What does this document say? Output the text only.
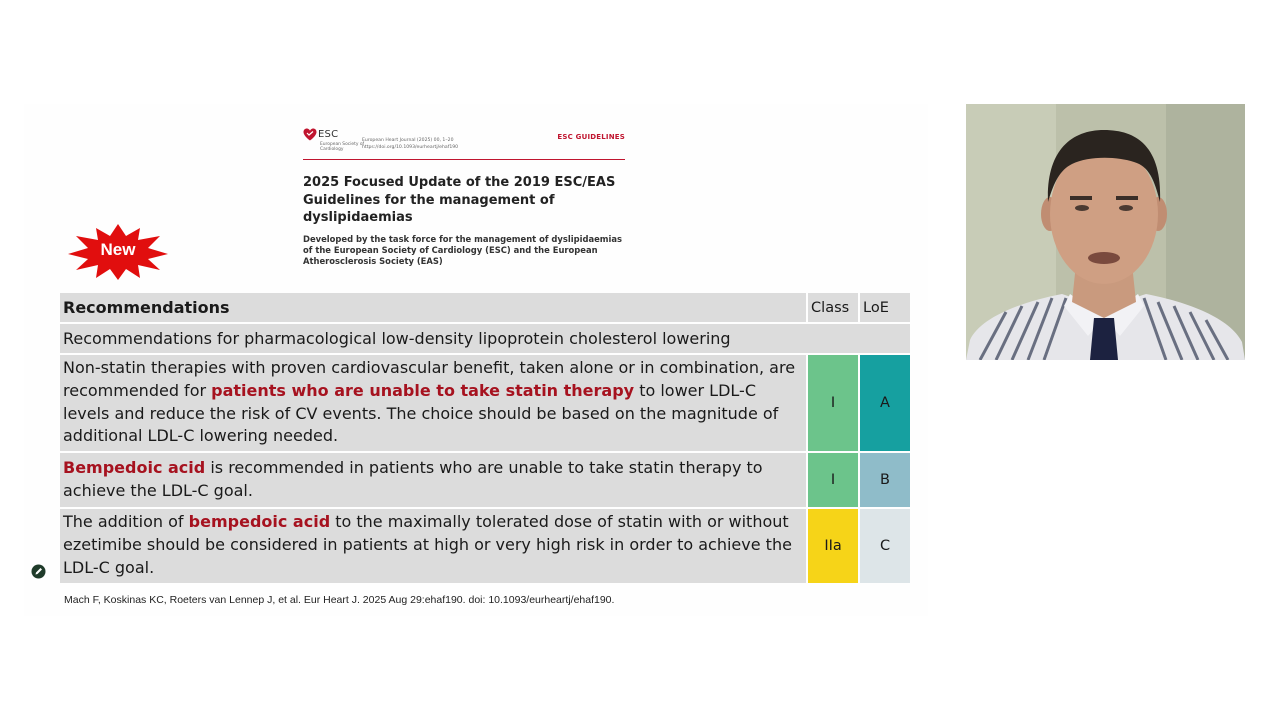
ESC
European Society of Cardiology
European Heart Journal (2025) 00, 1–20
https://doi.org/10.1093/eurheartj/ehaf190
ESC GUIDELINES
2025 Focused Update of the 2019 ESC/EAS Guidelines for the management of dyslipidaemias
Developed by the task force for the management of dyslipidaemias of the European Society of Cardiology (ESC) and the European Atherosclerosis Society (EAS)
New
Recommendations	Class	LoE
Recommendations for pharmacological low-density lipoprotein cholesterol lowering		
Non-statin therapies with proven cardiovascular benefit, taken alone or in combination, are recommended for patients who are unable to take statin therapy to lower LDL-C levels and reduce the risk of CV events. The choice should be based on the magnitude of additional LDL-C lowering needed.	I	A
Bempedoic acid is recommended in patients who are unable to take statin therapy to achieve the LDL-C goal.	I	B
The addition of bempedoic acid to the maximally tolerated dose of statin with or without ezetimibe should be considered in patients at high or very high risk in order to achieve the LDL-C goal.	IIa	C
Mach F, Koskinas KC, Roeters van Lennep J, et al. Eur Heart J. 2025 Aug 29:ehaf190. doi: 10.1093/eurheartj/ehaf190.
